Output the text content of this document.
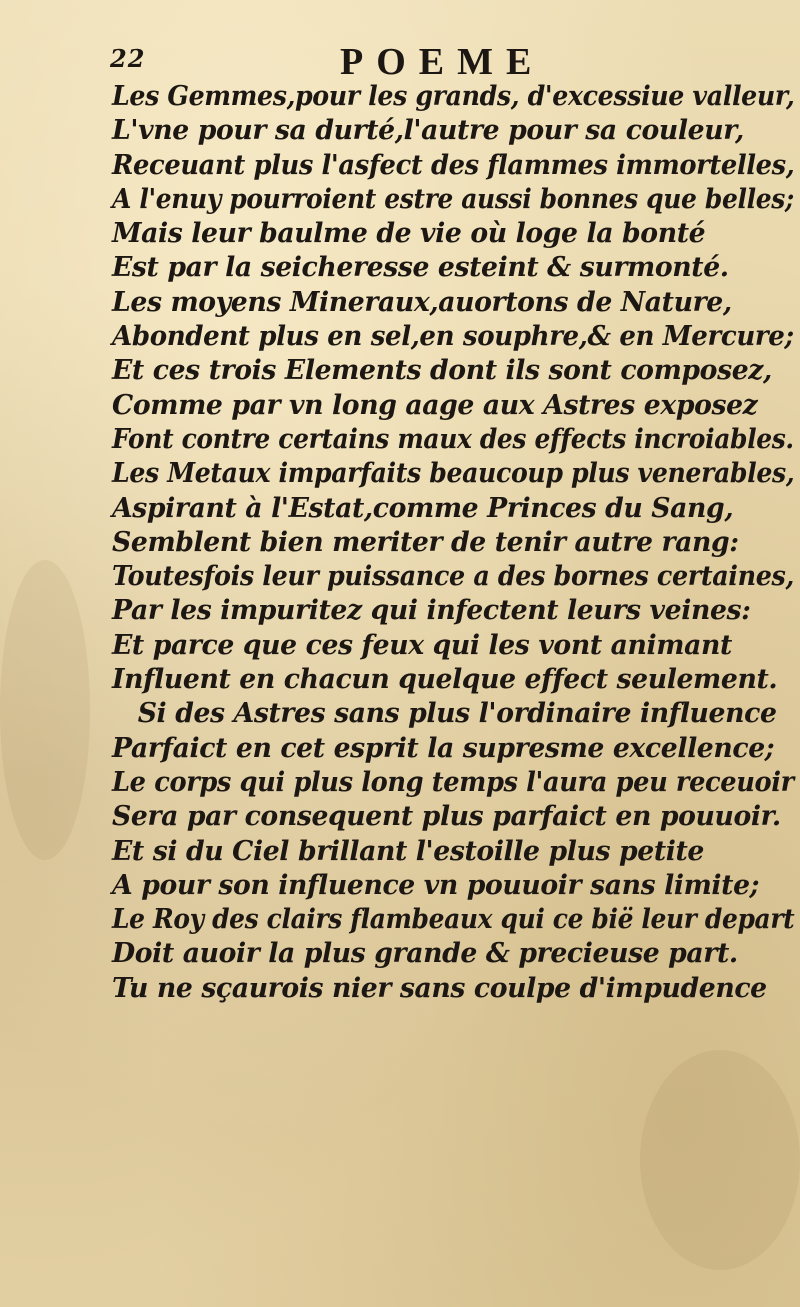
22	POEME
Les Gemmes,pour les grands, d'excessiue valleur,
L'vne pour sa durté,l'autre pour sa couleur,
Receuant plus l'asfect des flammes immortelles,
A l'enuy pourroient estre aussi bonnes que belles;
Mais leur baulme de vie où loge la bonté
Est par la seicheresse esteint & surmonté.
Les moyens Mineraux,auortons de Nature,
Abondent plus en sel,en souphre,& en Mercure;
Et ces trois Elements dont ils sont composez,
Comme par vn long aage aux Astres exposez
Font contre certains maux des effects incroiables.
Les Metaux imparfaits beaucoup plus venerables,
Aspirant à l'Estat,comme Princes du Sang,
Semblent bien meriter de tenir autre rang:
Toutesfois leur puissance a des bornes certaines,
Par les impuritez qui infectent leurs veines:
Et parce que ces feux qui les vont animant
Influent en chacun quelque effect seulement.
Si des Astres sans plus l'ordinaire influence
Parfaict en cet esprit la supresme excellence;
Le corps qui plus long temps l'aura peu receuoir
Sera par consequent plus parfaict en pouuoir.
Et si du Ciel brillant l'estoille plus petite
A pour son influence vn pouuoir sans limite;
Le Roy des clairs flambeaux qui ce bië leur depart
Doit auoir la plus grande & precieuse part.
Tu ne sçaurois nier sans coulpe d'impudence
